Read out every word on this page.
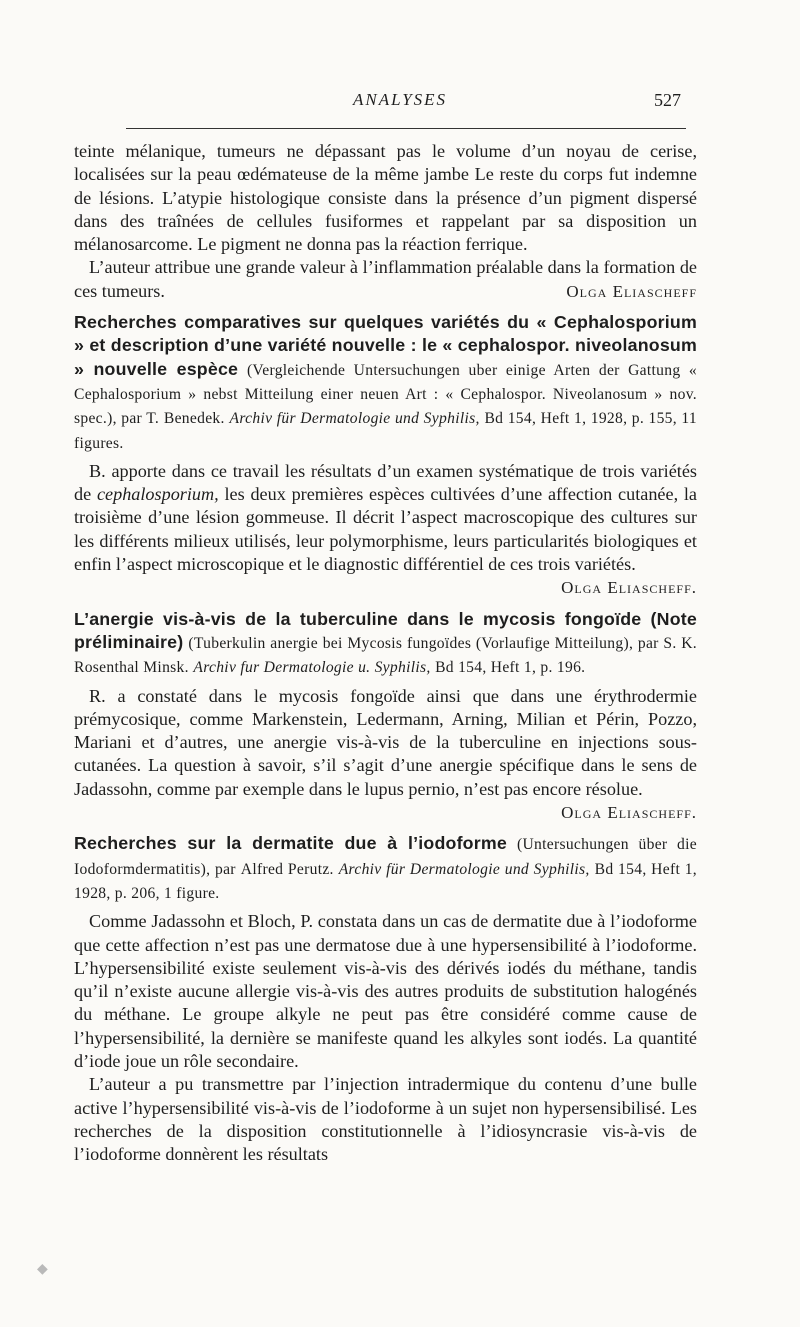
ANALYSES	527

teinte mélanique, tumeurs ne dépassant pas le volume d’un noyau de cerise, localisées sur la peau œdémateuse de la même jambe Le reste du corps fut indemne de lésions. L’atypie histologique consiste dans la présence d’un pigment dispersé dans des traînées de cellules fusiformes et rappelant par sa disposition un mélanosarcome. Le pigment ne donna pas la réaction ferrique.

L’auteur attribue une grande valeur à l’inflammation préalable dans la formation de ces tumeurs.	Olga Eliascheff

Recherches comparatives sur quelques variétés du « Cephalosporium » et description d’une variété nouvelle : le « cephalospor. niveolanosum » nouvelle espèce (Vergleichende Untersuchungen uber einige Arten der Gattung « Cephalosporium » nebst Mitteilung einer neuen Art : « Cephalospor. Niveolanosum » nov. spec.), par T. Benedek. Archiv für Dermatologie und Syphilis, Bd 154, Heft 1, 1928, p. 155, 11 figures.

B. apporte dans ce travail les résultats d’un examen systématique de trois variétés de cephalosporium, les deux premières espèces cultivées d’une affection cutanée, la troisième d’une lésion gommeuse. Il décrit l’aspect macroscopique des cultures sur les différents milieux utilisés, leur polymorphisme, leurs particularités biologiques et enfin l’aspect microscopique et le diagnostic différentiel de ces trois variétés.

Olga Eliascheff.

L’anergie vis-à-vis de la tuberculine dans le mycosis fongoïde (Note préliminaire) (Tuberkulin anergie bei Mycosis fungoïdes (Vorlaufige Mitteilung), par S. K. Rosenthal Minsk. Archiv fur Dermatologie u. Syphilis, Bd 154, Heft 1, p. 196.

R. a constaté dans le mycosis fongoïde ainsi que dans une érythrodermie prémycosique, comme Markenstein, Ledermann, Arning, Milian et Périn, Pozzo, Mariani et d’autres, une anergie vis-à-vis de la tuberculine en injections sous-cutanées. La question à savoir, s’il s’agit d’une anergie spécifique dans le sens de Jadassohn, comme par exemple dans le lupus pernio, n’est pas encore résolue.

Olga Eliascheff.

Recherches sur la dermatite due à l’iodoforme (Untersuchungen über die Iodoformdermatitis), par Alfred Perutz. Archiv für Dermatologie und Syphilis, Bd 154, Heft 1, 1928, p. 206, 1 figure.

Comme Jadassohn et Bloch, P. constata dans un cas de dermatite due à l’iodoforme que cette affection n’est pas une dermatose due à une hypersensibilité à l’iodoforme. L’hypersensibilité existe seulement vis-à-vis des dérivés iodés du méthane, tandis qu’il n’existe aucune allergie vis-à-vis des autres produits de substitution halogénés du méthane. Le groupe alkyle ne peut pas être considéré comme cause de l’hypersensibilité, la dernière se manifeste quand les alkyles sont iodés. La quantité d’iode joue un rôle secondaire.

L’auteur a pu transmettre par l’injection intradermique du contenu d’une bulle active l’hypersensibilité vis-à-vis de l’iodoforme à un sujet non hypersensibilisé. Les recherches de la disposition constitutionnelle à l’idiosyncrasie vis-à-vis de l’iodoforme donnèrent les résultats

◆
